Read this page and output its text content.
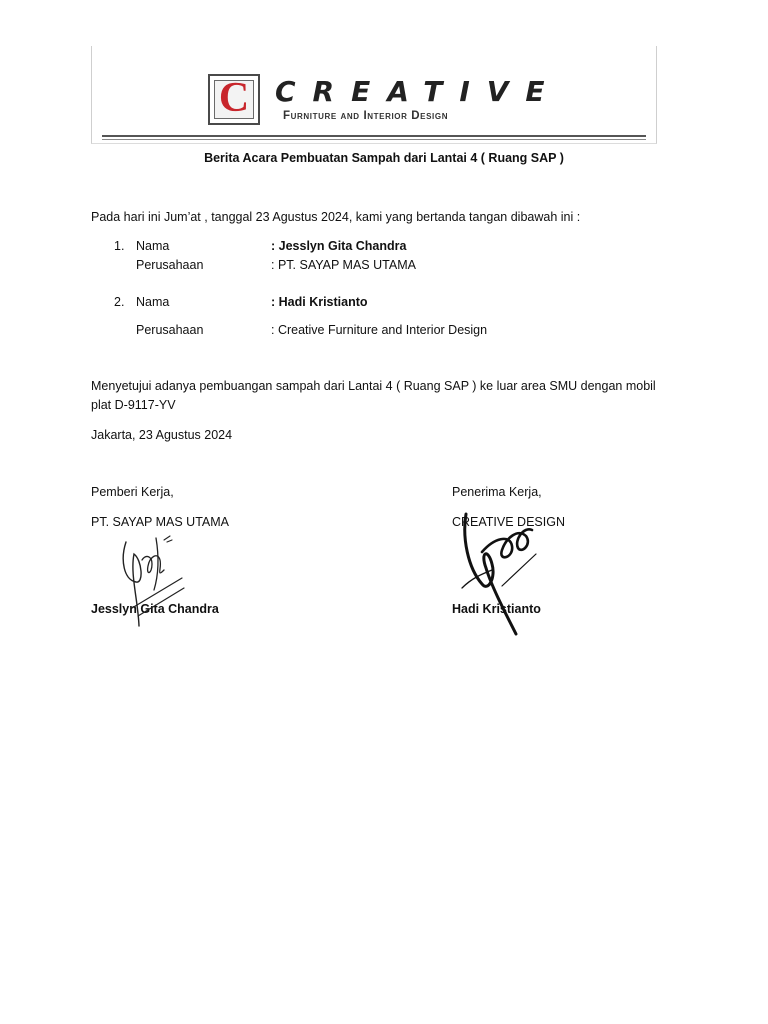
C CREATIVE
Furniture and Interior Design
Berita Acara Pembuatan Sampah dari Lantai 4 ( Ruang SAP )
Pada hari ini Jum’at , tanggal 23 Agustus 2024, kami yang bertanda tangan dibawah ini :
1. Nama	: Jesslyn Gita Chandra
Perusahaan	: PT. SAYAP MAS UTAMA
2. Nama	: Hadi Kristianto
Perusahaan	: Creative Furniture and Interior Design
Menyetujui adanya pembuangan sampah dari Lantai 4 ( Ruang SAP ) ke luar area SMU dengan mobil plat D-9117-YV
Jakarta, 23 Agustus 2024
Pemberi Kerja,	Penerima Kerja,
PT. SAYAP MAS UTAMA	CREATIVE DESIGN
Jesslyn Gita Chandra	Hadi Kristianto
